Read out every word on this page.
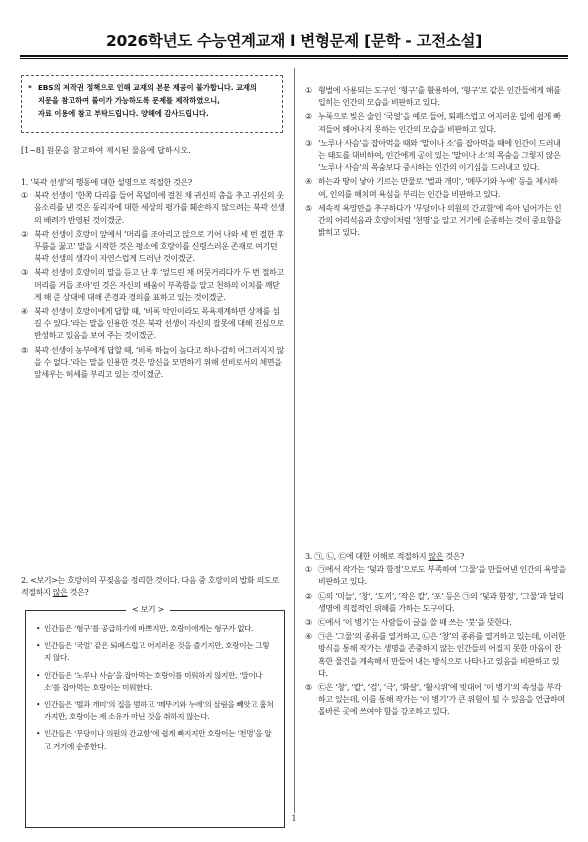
2026학년도 수능연계교재 l 변형문제 [문학 - 고전소설]
* EBS의 저작권 정책으로 인해 교재의 본문 제공이 불가합니다. 교재의
지문을 참고하여 풀이가 가능하도록 문제를 제작하였으니,
자료 이용에 참고 부탁드립니다. 양해에 감사드립니다.
[1~8] 원문을 참고하여 제시된 물음에 답하시오.

1. ‘북곽 선생’의 행동에 대한 설명으로 적절한 것은?

① 북곽 선생이 ‘한쪽 다리를 들어 목덜미에 걸친 채 귀신의 춤을 추고 귀신의 웃음소리를 낸 것은 동리자에 대한 세상의 평가를 훼손하지 않으려는 북곽 선생의 배려가 반영된 것이겠군.
② 북곽 선생이 호랑이 앞에서 ‘머리를 조아리고 앉으로 기어 나와 세 번 절한 후 무릎을 꿇고’ 말을 시작한 것은 평소에 호랑이를 신령스러운 존재로 여기던 북곽 선생의 생각이 자연스럽게 드러난 것이겠군.
③ 북곽 선생이 호랑이의 말을 듣고 난 후 ‘엎드린 채 머뭇거리다가 두 번 절하고 머리를 거듭 조아’린 것은 자신의 배움이 부족함을 알고 천하의 이치를 깨닫게 해 준 상대에 대해 존경과 경의를 표하고 있는 것이겠군.
④ 북곽 선생이 호랑이에게 답할 때, ‘비록 악인이라도 목욕재계하면 상제를 섬길 수 있다.’라는 말을 인용한 것은 북곽 선생이 자신의 잘못에 대해 진심으로 반성하고 있음을 보여 주는 것이겠군.
⑤ 북곽 선생이 농부에게 답할 때, ‘비록 하늘이 높다고 하나-감히 어그러지지 않을 수 없다.’라는 말을 인용한 것은 망신을 모면하기 위해 선비로서의 체면을 앞세우는 허세를 부리고 있는 것이겠군.

2. <보기>는 호랑이의 꾸짖음을 정리한 것이다. 다음 중 호랑이의 발화 의도로 적절하지 않은 것은?

< 보기 >
• 인간들은 ‘형구’를 공급하기에 바쁘지만, 호랑이에게는 형구가 없다.
• 인간들은 ‘국얼’ 같은 퇴폐스럽고 어지러운 것을 즐기지만, 호랑이는 그렇지 않다.
• 인간들은 ‘노루나 사슴’을 잡아먹는 호랑이를 미워하지 않지만, ‘말이나 소’를 잡아먹는 호랑이는 미워한다.
• 인간들은 ‘벌과 개미’의 집을 범하고 ‘메뚜기와 누에’의 살림을 빼앗고 훔쳐 가지만, 호랑이는 제 소유가 아닌 것을 취하지 않는다.
• 인간들은 ‘무당이나 의원의 간교함’에 쉽게 빠지지만 호랑이는 ‘천명’을 알고 거기에 순종한다.
① 형벌에 사용되는 도구인 ‘형구’를 활용하여, ‘형구’로 같은 인간들에게 해를 입히는 인간의 모습을 비판하고 있다.
② 누룩으로 빚은 술인 ‘국얼’을 예로 들어, 퇴폐스럽고 어지러운 일에 쉽게 빠져들어 헤어나지 못하는 인간의 모습을 비판하고 있다.
③ ‘노루나 사슴’을 잡아먹을 때와 ‘말이나 소’를 잡아먹을 때에 인간이 드러내는 태도를 대비하여, 인간에게 공이 있는 ‘말이나 소’의 목숨을 그렇지 않은 ‘노루나 사슴’의 목숨보다 중시하는 인간의 이기심을 드러내고 있다.
④ 하는과 땅이 낳아 기르는 만물로 ‘벌과 개미’, ‘메뚜기와 누에’ 등을 제시하여, 인의를 해치며 욕심을 부리는 인간을 비판하고 있다.
⑤ 세속적 욕망만을 추구하다가 ‘무당이나 의원의 간교함’에 속아 넘어가는 인간의 어리석음과 호랑이처럼 ‘천명’을 알고 거기에 순종하는 것이 중요함을 밝히고 있다.

3. ㉠, ㉡, ㉢에 대한 이해로 적절하지 않은 것은?

① ㉠에서 작가는 ‘덫과 함정’으로도 부족하여 ‘그물’을 만들어낸 인간의 욕망을 비판하고 있다.
② ㉡의 ‘미늘’, ‘창’, ‘도끼’, ‘작은 칼’, ‘포’ 등은 ㉠의 ‘덫과 함정’, ‘그물’과 달리 생명에 직접적인 위해를 가하는 도구이다.
③ ㉢에서 ‘이 병기’는 사람들이 글을 쓸 때 쓰는 ‘붓’을 뜻한다.
④ ㉠은 ‘그물’의 종류를 열거하고, ㉡은 ‘창’의 종류를 열거하고 있는데, 이러한 방식을 통해 작가는 생명을 존중하지 않는 인간들의 어질지 못한 마음이 잔혹한 물건을 계속해서 만들어 내는 방식으로 나타나고 있음을 비판하고 있다.
⑤ ㉢은 ‘창’, ‘칼’, ‘검’, ‘극’, ‘화살’, ‘활시위’에 빗대어 ‘이 병기’의 속성을 부각하고 있는데, 이를 통해 작가는 ‘이 병기’가 큰 위험이 될 수 있음을 언급하며 올바른 곳에 쓰여야 함을 강조하고 있다.
1
